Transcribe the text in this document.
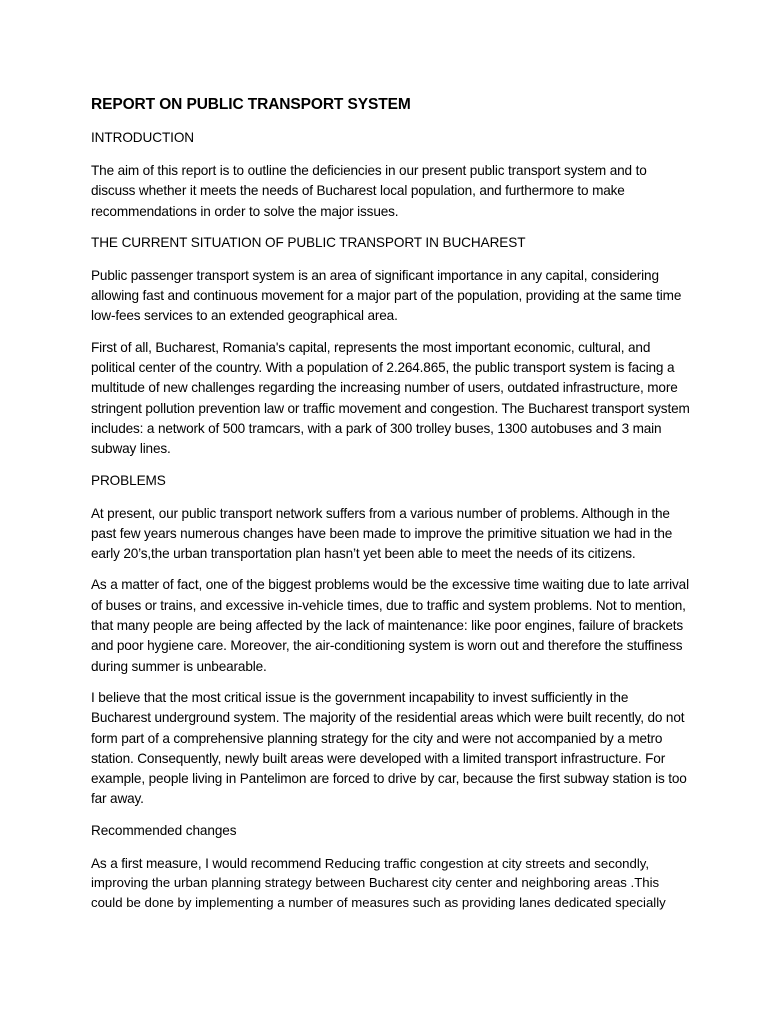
REPORT ON PUBLIC TRANSPORT SYSTEM
INTRODUCTION

The aim of this report is to outline the deficiencies in our present public transport system and to discuss whether it meets the needs of Bucharest local population, and furthermore to make recommendations in order to solve the major issues.

THE CURRENT SITUATION OF PUBLIC TRANSPORT IN BUCHAREST

Public passenger transport system is an area of significant importance in any capital, considering allowing fast and continuous movement for a major part of the population, providing at the same time low-fees services to an extended geographical area.

First of all, Bucharest, Romania's capital, represents the most important economic, cultural, and political center of the country. With a population of 2.264.865, the public transport system is facing a multitude of new challenges regarding the increasing number of users, outdated infrastructure, more stringent pollution prevention law or traffic movement and congestion. The Bucharest transport system includes: a network of 500 tramcars, with a park of 300 trolley buses, 1300 autobuses and 3 main subway lines.

PROBLEMS

At present, our public transport network suffers from a various number of problems. Although in the past few years numerous changes have been made to improve the primitive situation we had in the early 20’s,the urban transportation plan hasn’t yet been able to meet the needs of its citizens.

As a matter of fact, one of the biggest problems would be the excessive time waiting due to late arrival of buses or trains, and excessive in-vehicle times, due to traffic and system problems. Not to mention, that many people are being affected by the lack of maintenance: like poor engines, failure of brackets and poor hygiene care. Moreover, the air-conditioning system is worn out and therefore the stuffiness during summer is unbearable.

I believe that the most critical issue is the government incapability to invest sufficiently in the Bucharest underground system. The majority of the residential areas which were built recently, do not form part of a comprehensive planning strategy for the city and were not accompanied by a metro station. Consequently, newly built areas were developed with a limited transport infrastructure. For example, people living in Pantelimon are forced to drive by car, because the first subway station is too far away.

Recommended changes

As a first measure, I would recommend Reducing traffic congestion at city streets and secondly, improving the urban planning strategy between Bucharest city center and neighboring areas .This could be done by implementing a number of measures such as providing lanes dedicated specially
